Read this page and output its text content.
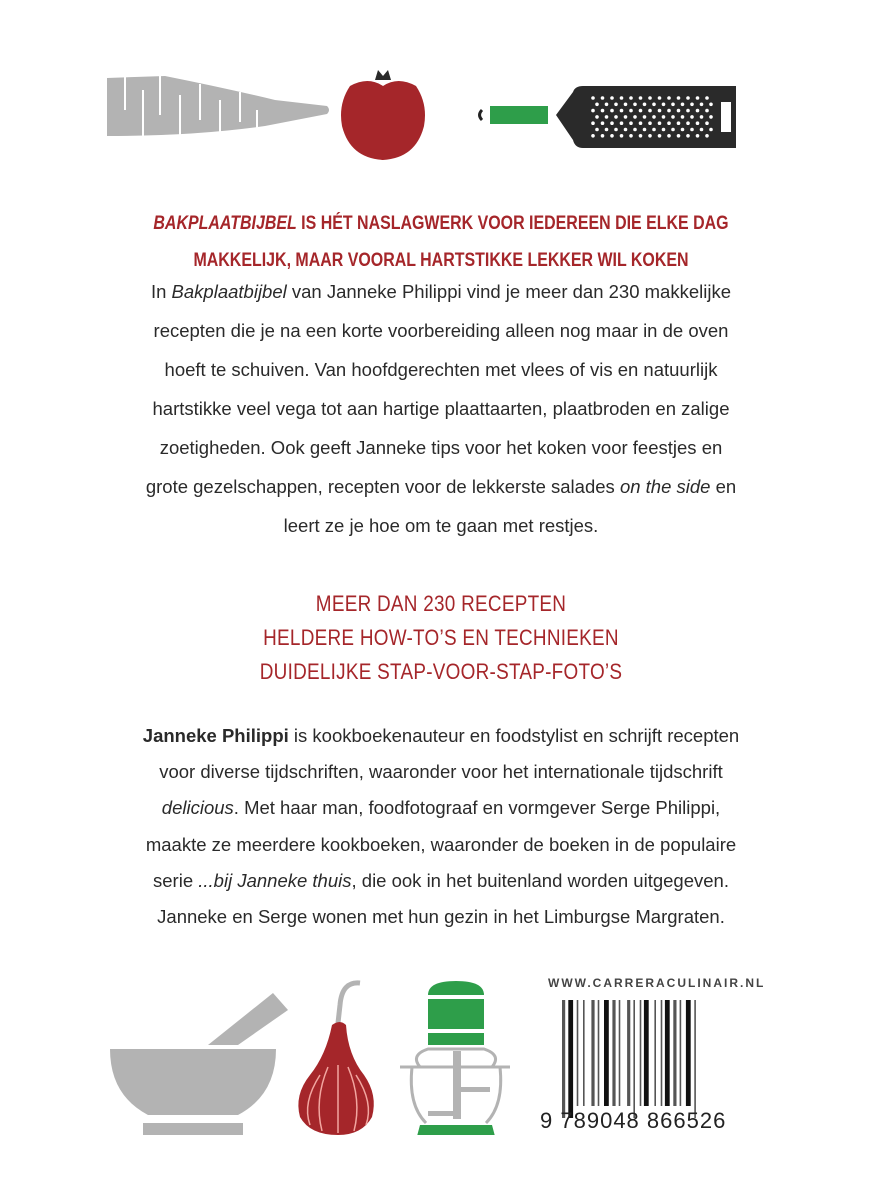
BAKPLAATBIJBEL IS HÉT NASLAGWERK VOOR IEDEREEN DIE ELKE DAG
MAKKELIJK, MAAR VOORAL HARTSTIKKE LEKKER WIL KOKEN
In Bakplaatbijbel van Janneke Philippi vind je meer dan 230 makkelijke
recepten die je na een korte voorbereiding alleen nog maar in de oven
hoeft te schuiven. Van hoofdgerechten met vlees of vis en natuurlijk
hartstikke veel vega tot aan hartige plaattaarten, plaatbroden en zalige
zoetigheden. Ook geeft Janneke tips voor het koken voor feestjes en
grote gezelschappen, recepten voor de lekkerste salades on the side en
leert ze je hoe om te gaan met restjes.
MEER DAN 230 RECEPTEN
HELDERE HOW-TO’S EN TECHNIEKEN
DUIDELIJKE STAP-VOOR-STAP-FOTO’S
Janneke Philippi is kookboekenauteur en foodstylist en schrijft recepten
voor diverse tijdschriften, waaronder voor het internationale tijdschrift
delicious. Met haar man, foodfotograaf en vormgever Serge Philippi,
maakte ze meerdere kookboeken, waaronder de boeken in de populaire
serie ...bij Janneke thuis, die ook in het buitenland worden uitgegeven.
Janneke en Serge wonen met hun gezin in het Limburgse Margraten.
WWW.CARRERACULINAIR.NL
9 789048 866526
